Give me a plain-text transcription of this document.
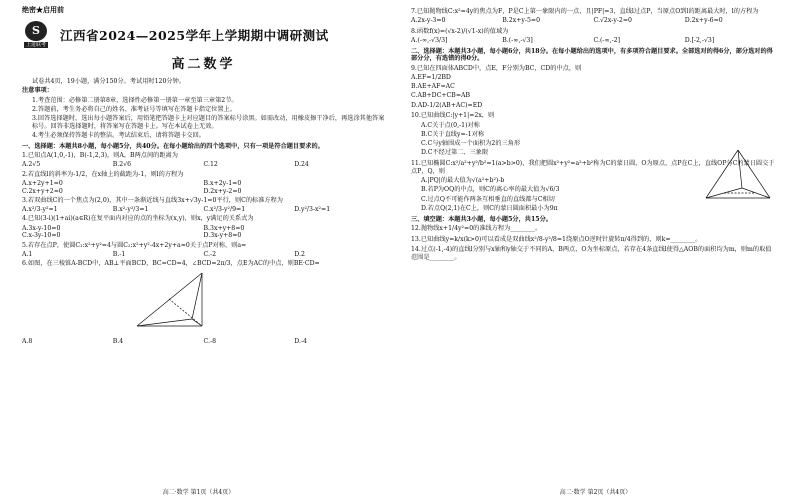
绝密★启用前
S
上进联考
江西省2024—2025学年上学期期中调研测试
高二数学
试卷共4页，19小题，满分150分。考试用时120分钟。
注意事项：
1.考查范围：必修第二册第8章，选择性必修第一册第一章至第三章第2节。
2.答题前，考生务必将自己的姓名、准考证号等填写在答题卡指定位置上。
3.回答选择题时，选出每小题答案后，用铅笔把答题卡上对应题目的答案标号涂黑。如需改动，用橡皮擦干净后，再选涂其他答案标号。回答非选择题时，将答案写在答题卡上。写在本试卷上无效。
4.考生必须保持答题卡的整洁。考试结束后，请将答题卡交回。
一、选择题：本题共8小题，每小题5分，共40分。在每小题给出的四个选项中，只有一项是符合题目要求的。
1.已知点A(1,0,-1)，B(-1,2,3)，则A，B两点间的距离为
A.2√5	B.2√6	C.12	D.24
2.若直线l的斜率为-1/2，在x轴上的截距为-1，则l的方程为
A.x+2y+1=0	B.x+2y-1=0
C.2x+y+2=0	D.2x+y-2=0
3.若双曲线C的一个焦点为(2,0)，其中一条渐近线与直线3x+√3y-1=0平行，则C的标准方程为
A.x²/3-y²=1	B.x²-y²/3=1	C.x²/3-y²/9=1	D.y²/3-x²=1
4.已知(3-i)(1+ai)(a∈R)在复平面内对应的点的坐标为(x,y)，则x，y满足的关系式为
A.3x-y-10=0	B.3x+y+8=0
C.x-3y-10=0	D.3x-y+8=0
5.若存在点P，使圆C₁:x²+y²=4与圆C₂:x²+y²-4x+2y+a=0关于点P对称，则a=
A.1	B.-1	C.-2	D.2
6.如图，在三棱锥A-BCD中，AB⊥平面BCD，BC=CD=4，∠BCD=2π/3，点E为AC的中点，则BE·CD=
A.8	B.4	C.-8	D.-4
高二·数学 第1页（共4页）
7.已知抛物线C:x²=4y的焦点为F，P是C上第一象限内的一点，且|PF|=3，直线l过点P，当原点O到l的距离最大时，l的方程为
A.2x-y-3=0	B.2x+y-5=0	C.√2x-y-2=0	D.2x+y-6=0
8.函数f(x)=(√x-2)/(√1-x)的值域为
A.(-∞,-√3/3]	B.(-∞,-√3]	C.(-∞,-2]	D.[-2,-√3]
二、选择题：本题共3小题，每小题6分，共18分。在每小题给出的选项中，有多项符合题目要求。全部选对的得6分，部分选对的得部分分，有选错的得0分。
9.已知在四面体ABCD中，点E，F分别为BC，CD的中点，则
A.EF=1/2BD
B.AE+AF=AC
C.AB+DC+CB=AB
D.AD-1/2(AB+AC)=ED
10.已知曲线C:|y+1|=2x，则
A.C关于点(0,-1)对称
B.C关于直线y=-1对称
C.C与y轴围成一个面积为2的三角形
D.C不经过第二、三象限
11.已知椭圆C:x²/a²+y²/b²=1(a>b>0)，我们把圆x²+y²=a²+b²称为C的蒙日圆，O为原点，点P在C上，直线OP与C的蒙日圆交于点P，Q，则
A.|PQ|的最大值为√(a²+b²)-b
B.若P为OQ的中点，则C的离心率的最大值为√6/3
C.过点Q不可能作两条互相垂直的直线都与C相切
D.若点Q(2,1)在C上，则C的蒙日圆面积最小为9π
三、填空题：本题共3小题，每小题5分，共15分。
12.抛物线x+1/4y²=0的准线方程为________。
13.已知曲线y=k/x(k>0)可以看成是双曲线x²/8-y²/8=1绕原点O逆时针旋转π/4得到的，则k=________。
14.过点(-1,-4)的直线l分别与x轴和y轴交于不同的A，B两点，O为坐标原点，若存在4条直线l使得△AOB的面积均为m，则m的取值范围是________。
高二·数学 第2页（共4页）
